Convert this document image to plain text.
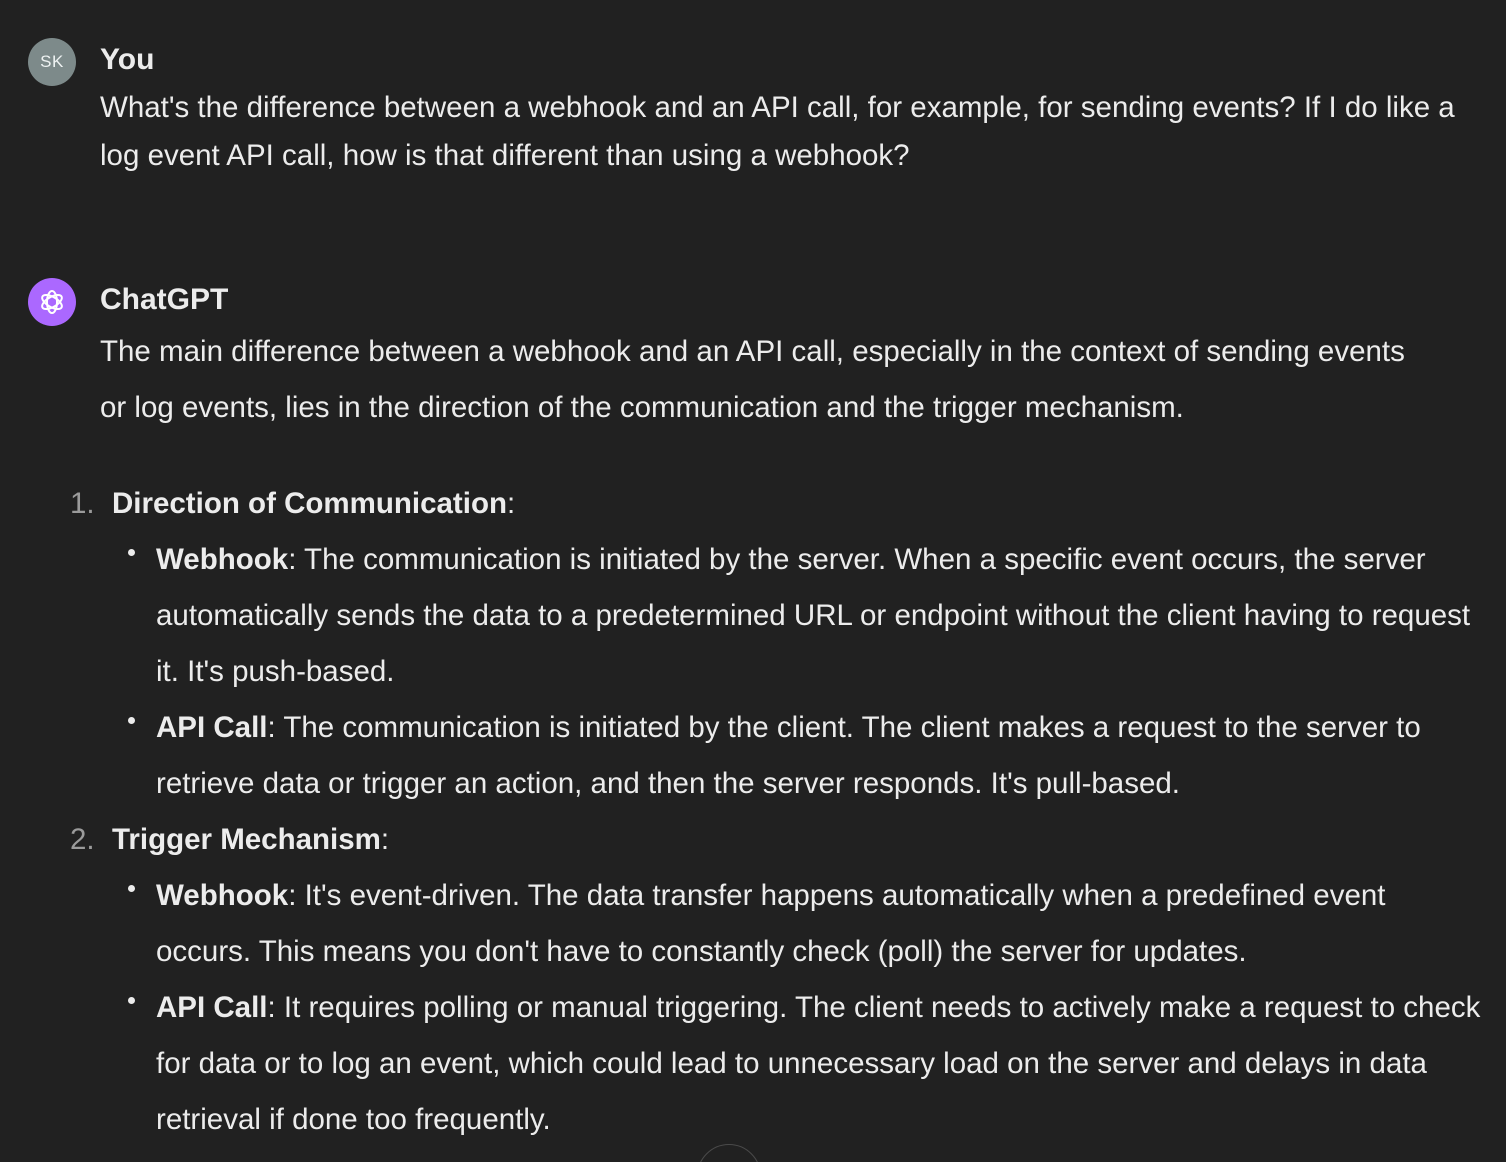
SK You
What's the difference between a webhook and an API call, for example, for sending events? If I do like a log event API call, how is that different than using a webhook?
ChatGPT
The main difference between a webhook and an API call, especially in the context of sending events or log events, lies in the direction of the communication and the trigger mechanism.
1. Direction of Communication:
Webhook: The communication is initiated by the server. When a specific event occurs, the server automatically sends the data to a predetermined URL or endpoint without the client having to request it. It's push-based.
API Call: The communication is initiated by the client. The client makes a request to the server to retrieve data or trigger an action, and then the server responds. It's pull-based.
2. Trigger Mechanism:
Webhook: It's event-driven. The data transfer happens automatically when a predefined event occurs. This means you don't have to constantly check (poll) the server for updates.
API Call: It requires polling or manual triggering. The client needs to actively make a request to check for data or to log an event, which could lead to unnecessary load on the server and delays in data retrieval if done too frequently.
